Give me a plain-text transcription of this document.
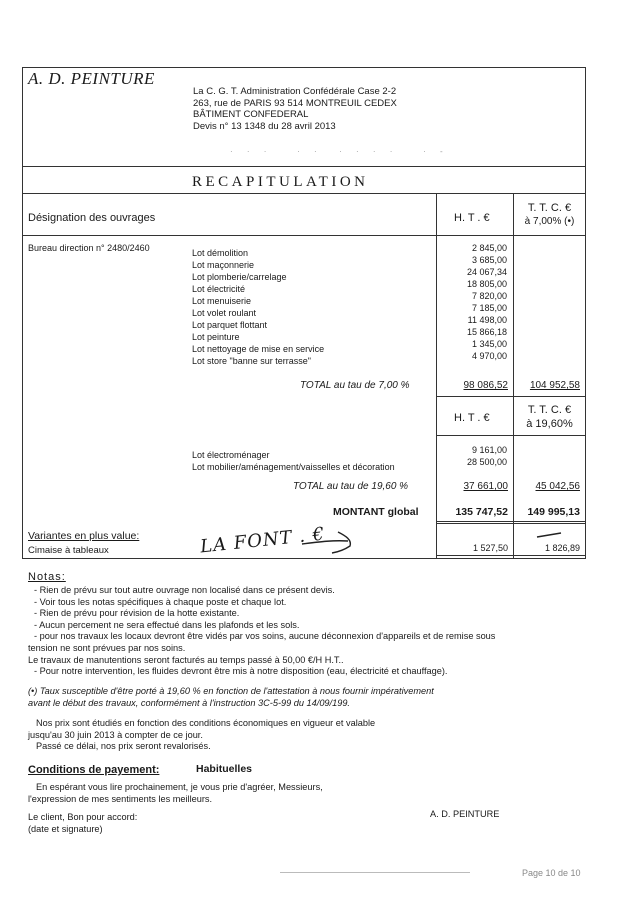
A. D. PEINTURE
La C. G. T. Administration Confédérale Case 2-2
263, rue de PARIS 93 514 MONTREUIL CEDEX
BÂTIMENT CONFEDERAL
Devis n° 13 1348 du 28 avril 2013
· · ·   · ·  · · · ·   · -
RECAPITULATION
Désignation des ouvrages	H. T . €
T. T. C. €
à 7,00% (•)
Bureau direction n° 2480/2460	Lot démolition	2 845,00
Lot maçonnerie	3 685,00
Lot plomberie/carrelage	24 067,34
Lot électricité	18 805,00
Lot menuiserie	7 820,00
Lot volet roulant	7 185,00
Lot parquet flottant	11 498,00
Lot peinture	15 866,18
Lot nettoyage de mise en service	1 345,00
Lot store "banne sur terrasse"	4 970,00
TOTAL au tau de 7,00 %	98 086,52	104 952,58
H. T . €
T. T. C. €
à 19,60%
Lot électroménager	9 161,00
Lot mobilier/aménagement/vaisselles et décoration	28 500,00
TOTAL au tau de 19,60 %	37 661,00	45 042,56
MONTANT global	135 747,52	149 995,13
Variantes en plus value:
Cimaise à tableaux	LA FONT . €	1 527,50	1 826,89
Notas:
- Rien de prévu sur tout autre ouvrage non localisé dans ce présent devis.
- Voir tous les notas spécifiques à chaque poste et chaque lot.
- Rien de prévu pour révision de la hotte existante.
- Aucun percement ne sera effectué dans les plafonds et les sols.
- pour nos travaux les locaux devront être vidés par vos soins, aucune déconnexion d'appareils et de remise sous
tension ne sont prévues par nos soins.
Le travaux de manutentions seront facturés au temps passé à 50,00 €/H H.T..
- Pour notre intervention, les fluides devront être mis à notre disposition (eau, électricité et chauffage).
(•) Taux susceptible d'être porté à 19,60 % en fonction de l'attestation à nous fournir impérativement
avant le début des travaux, conformément à l'instruction 3C-5-99 du 14/09/199.
Nos prix sont étudiés en fonction des conditions économiques en vigueur et valable
jusqu'au 30 juin 2013 à compter de ce jour.
Passé ce délai, nos prix seront revalorisés.
Conditions de payement:	Habituelles
En espérant vous lire prochainement, je vous prie d'agréer, Messieurs,
l'expression de mes sentiments les meilleurs.
Le client, Bon pour accord:
(date et signature)
A. D. PEINTURE
Page 10 de 10
